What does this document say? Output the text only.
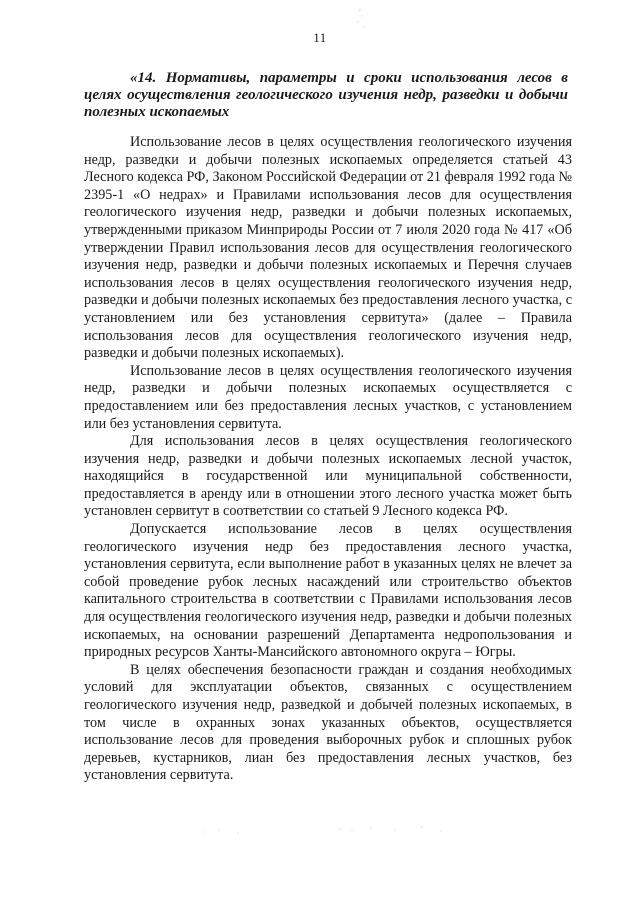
11
«14. Нормативы, параметры и сроки использования лесов в целях осуществления геологического изучения недр, разведки и добычи полезных ископаемых

Использование лесов в целях осуществления геологического изучения недр, разведки и добычи полезных ископаемых определяется статьей 43 Лесного кодекса РФ, Законом Российской Федерации от 21 февраля 1992 года № 2395-1 «О недрах» и Правилами использования лесов для осуществления геологического изучения недр, разведки и добычи полезных ископаемых, утвержденными приказом Минприроды России от 7 июля 2020 года № 417 «Об утверждении Правил использования лесов для осуществления геологического изучения недр, разведки и добычи полезных ископаемых и Перечня случаев использования лесов в целях осуществления геологического изучения недр, разведки и добычи полезных ископаемых без предоставления лесного участка, с установлением или без установления сервитута» (далее – Правила использования лесов для осуществления геологического изучения недр, разведки и добычи полезных ископаемых).

Использование лесов в целях осуществления геологического изучения недр, разведки и добычи полезных ископаемых осуществляется с предоставлением или без предоставления лесных участков, с установлением или без установления сервитута.

Для использования лесов в целях осуществления геологического изучения недр, разведки и добычи полезных ископаемых лесной участок, находящийся в государственной или муниципальной собственности, предоставляется в аренду или в отношении этого лесного участка может быть установлен сервитут в соответствии со статьей 9 Лесного кодекса РФ.

Допускается использование лесов в целях осуществления геологического изучения недр без предоставления лесного участка, установления сервитута, если выполнение работ в указанных целях не влечет за собой проведение рубок лесных насаждений или строительство объектов капитального строительства в соответствии с Правилами использования лесов для осуществления геологического изучения недр, разведки и добычи полезных ископаемых, на основании разрешений Департамента недропользования и природных ресурсов Ханты-Мансийского автономного округа – Югры.

В целях обеспечения безопасности граждан и создания необходимых условий для эксплуатации объектов, связанных с осуществлением геологического изучения недр, разведкой и добычей полезных ископаемых, в том числе в охранных зонах указанных объектов, осуществляется использование лесов для проведения выборочных рубок и сплошных рубок деревьев, кустарников, лиан без предоставления лесных участков, без установления сервитута.
